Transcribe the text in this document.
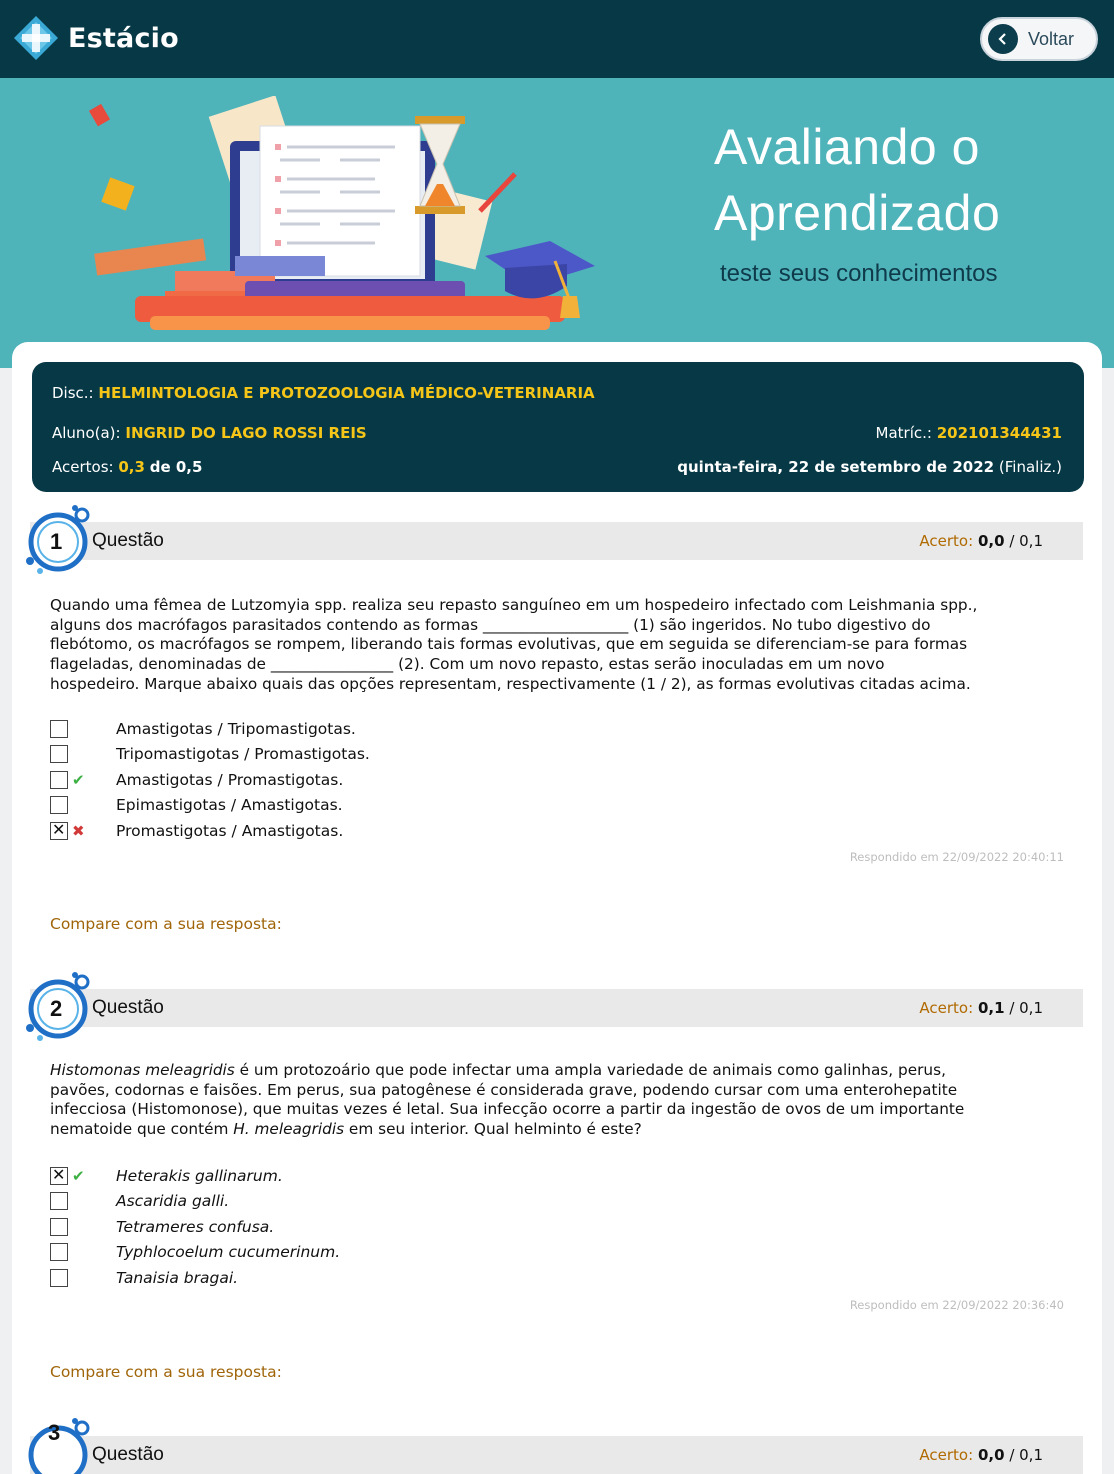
Estácio	Voltar
Avaliando o
Aprendizado
teste seus conhecimentos
Disc.: HELMINTOLOGIA E PROTOZOOLOGIA MÉDICO-VETERINARIA
Aluno(a): INGRID DO LAGO ROSSI REIS	Matríc.: 202101344431
Acertos: 0,3 de 0,5	quinta-feira, 22 de setembro de 2022 (Finaliz.)
Questão	Acerto: 0,0 / 0,1
1
Quando uma fêmea de Lutzomyia spp. realiza seu repasto sanguíneo em um hospedeiro infectado com Leishmania spp.,
alguns dos macrófagos parasitados contendo as formas ___________________ (1) são ingeridos. No tubo digestivo do
flebótomo, os macrófagos se rompem, liberando tais formas evolutivas, que em seguida se diferenciam-se para formas
flageladas, denominadas de ________________ (2). Com um novo repasto, estas serão inoculadas em um novo
hospedeiro. Marque abaixo quais das opções representam, respectivamente (1 / 2), as formas evolutivas citadas acima.
Amastigotas / Tripomastigotas.
Tripomastigotas / Promastigotas.
✔	Amastigotas / Promastigotas.
Epimastigotas / Amastigotas.
✕
✖	Promastigotas / Amastigotas.
Respondido em 22/09/2022 20:40:11
Compare com a sua resposta:
Questão	Acerto: 0,1 / 0,1
2
Histomonas meleagridis é um protozoário que pode infectar uma ampla variedade de animais como galinhas, perus,
pavões, codornas e faisões. Em perus, sua patogênese é considerada grave, podendo cursar com uma enterohepatite
infecciosa (Histomonose), que muitas vezes é letal. Sua infecção ocorre a partir da ingestão de ovos de um importante
nematoide que contém H. meleagridis em seu interior. Qual helminto é este?
✕
✔	Heterakis gallinarum.
Ascaridia galli.
Tetrameres confusa.
Typhlocoelum cucumerinum.
Tanaisia bragai.
Respondido em 22/09/2022 20:36:40
Compare com a sua resposta:
Questão	Acerto: 0,0 / 0,1
3
